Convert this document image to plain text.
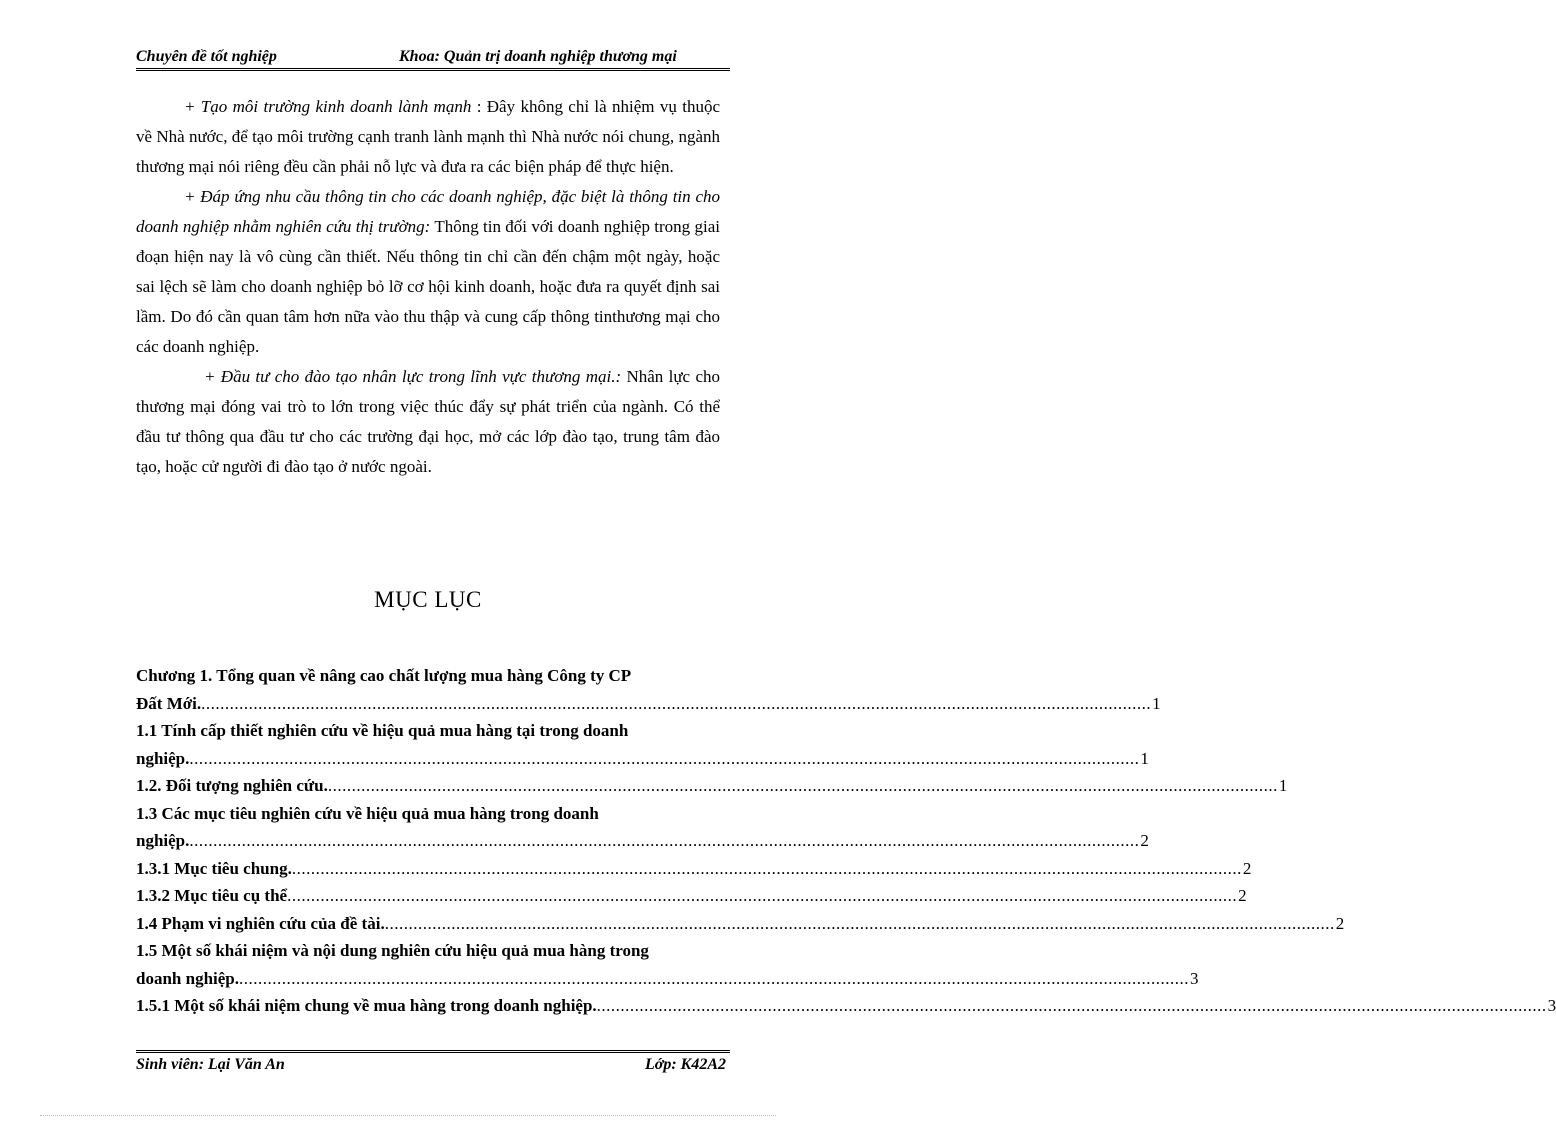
Chuyên đề tốt nghiệp	Khoa: Quản trị doanh nghiệp thương mại

+ Tạo môi trường kinh doanh lành mạnh : Đây không chỉ là nhiệm vụ thuộc về Nhà nước, để tạo môi trường cạnh tranh lành mạnh thì Nhà nước nói chung, ngành thương mại nói riêng đều cần phải nỗ lực và đưa ra các biện pháp để thực hiện.

+ Đáp ứng nhu cầu thông tin cho các doanh nghiệp, đặc biệt là thông tin cho doanh nghiệp nhằm nghiên cứu thị trường: Thông tin đối với doanh nghiệp trong giai đoạn hiện nay là vô cùng cần thiết. Nếu thông tin chỉ cần đến chậm một ngày, hoặc sai lệch sẽ làm cho doanh nghiệp bỏ lỡ cơ hội kinh doanh, hoặc đưa ra quyết định sai lầm. Do đó cần quan tâm hơn nữa vào thu thập và cung cấp thông tinthương mại cho các doanh nghiệp.

+ Đầu tư cho đào tạo nhân lực trong lĩnh vực thương mại.: Nhân lực cho thương mại đóng vai trò to lớn trong việc thúc đẩy sự phát triển của ngành. Có thể đầu tư thông qua đầu tư cho các trường đại học, mở các lớp đào tạo, trung tâm đào tạo, hoặc cử người đi đào tạo ở nước ngoài.

MỤC LỤC
Chương 1. Tổng quan về nâng cao chất lượng mua hàng Công ty CP
Đất Mới. ........................................................................................................................................................................................................ 1
1.1 Tính cấp thiết nghiên cứu về hiệu quả mua hàng tại trong doanh
nghiệp. ........................................................................................................................................................................................................ 1
1.2. Đối tượng nghiên cứu. ........................................................................................................................................................................................................ 1
1.3 Các mục tiêu nghiên cứu về hiệu quả mua hàng trong doanh
nghiệp. ........................................................................................................................................................................................................ 2
1.3.1 Mục tiêu chung. ........................................................................................................................................................................................................ 2
1.3.2 Mục tiêu cụ thể ........................................................................................................................................................................................................ 2
1.4 Phạm vi nghiên cứu của đề tài. ........................................................................................................................................................................................................ 2
1.5 Một số khái niệm và nội dung nghiên cứu hiệu quả mua hàng trong
doanh nghiệp. ........................................................................................................................................................................................................ 3
1.5.1 Một số khái niệm chung về mua hàng trong doanh nghiệp. ........................................................................................................................................................................................................ 3
Sinh viên: Lại Văn An	Lớp: K42A2
